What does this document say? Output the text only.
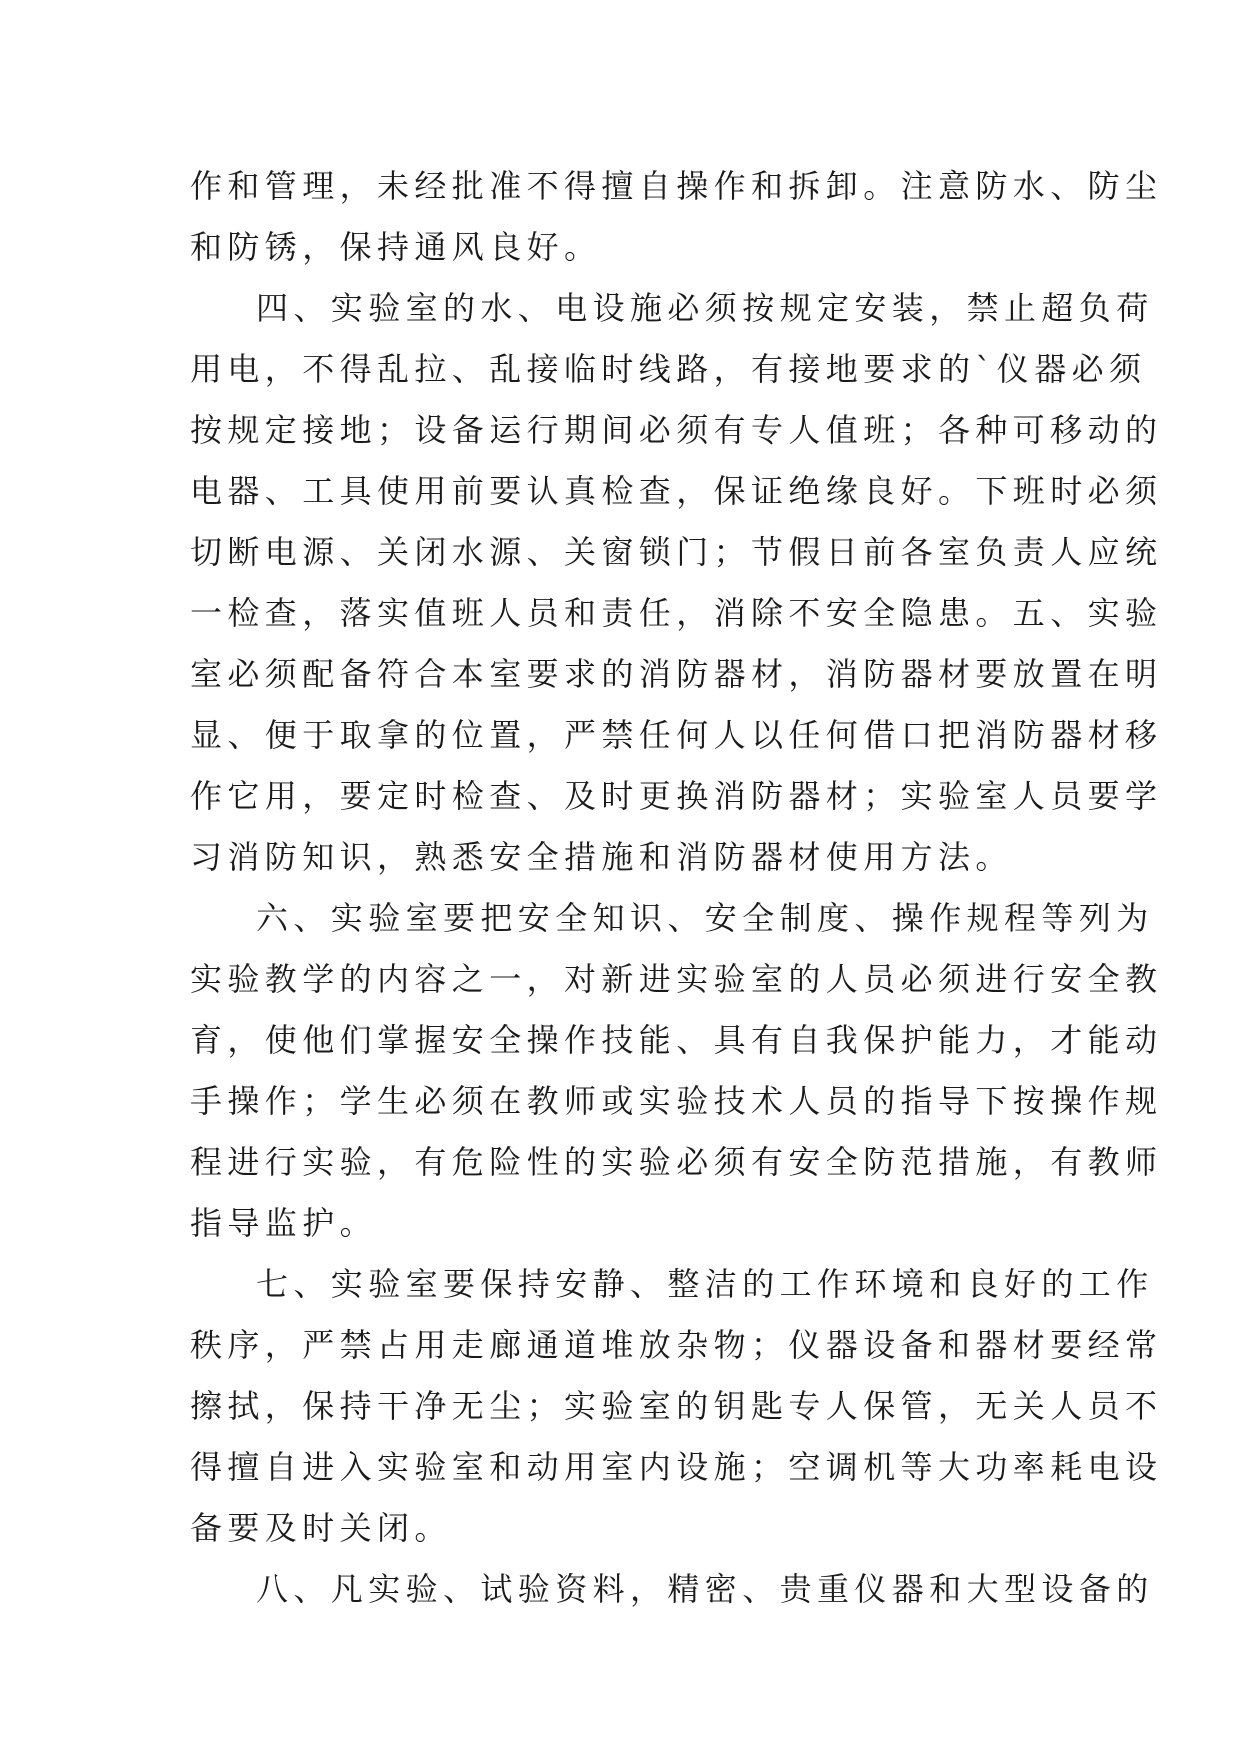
作和管理，未经批准不得擅自操作和拆卸。注意防水、防尘
和防锈，保持通风良好。
四、实验室的水、电设施必须按规定安装，禁止超负荷
用电，不得乱拉、乱接临时线路，有接地要求的`仪器必须
按规定接地；设备运行期间必须有专人值班；各种可移动的
电器、工具使用前要认真检查，保证绝缘良好。下班时必须
切断电源、关闭水源、关窗锁门；节假日前各室负责人应统
一检查，落实值班人员和责任，消除不安全隐患。五、实验
室必须配备符合本室要求的消防器材，消防器材要放置在明
显、便于取拿的位置，严禁任何人以任何借口把消防器材移
作它用，要定时检查、及时更换消防器材；实验室人员要学
习消防知识，熟悉安全措施和消防器材使用方法。
六、实验室要把安全知识、安全制度、操作规程等列为
实验教学的内容之一，对新进实验室的人员必须进行安全教
育，使他们掌握安全操作技能、具有自我保护能力，才能动
手操作；学生必须在教师或实验技术人员的指导下按操作规
程进行实验，有危险性的实验必须有安全防范措施，有教师
指导监护。
七、实验室要保持安静、整洁的工作环境和良好的工作
秩序，严禁占用走廊通道堆放杂物；仪器设备和器材要经常
擦拭，保持干净无尘；实验室的钥匙专人保管，无关人员不
得擅自进入实验室和动用室内设施；空调机等大功率耗电设
备要及时关闭。
八、凡实验、试验资料，精密、贵重仪器和大型设备的
